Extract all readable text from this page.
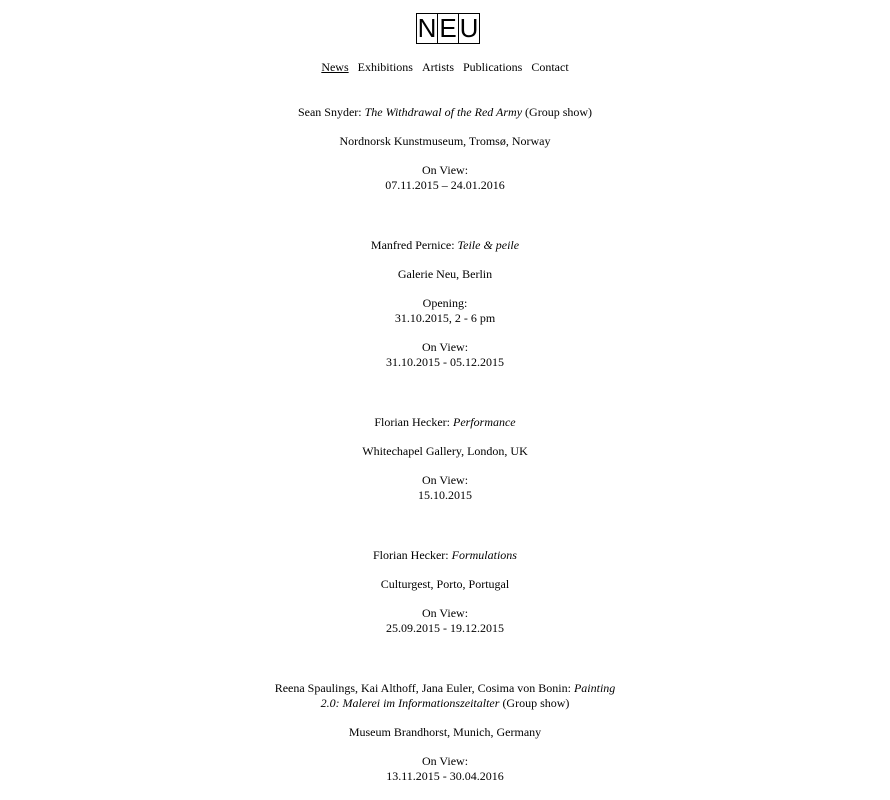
N E U
News Exhibitions Artists Publications Contact
Sean Snyder: The Withdrawal of the Red Army (Group show)
Nordnorsk Kunstmuseum, Tromsø, Norway
On View:
07.11.2015 – 24.01.2016
Manfred Pernice: Teile & peile
Galerie Neu, Berlin
Opening:
31.10.2015, 2 - 6 pm
On View:
31.10.2015 - 05.12.2015
Florian Hecker: Performance
Whitechapel Gallery, London, UK
On View:
15.10.2015
Florian Hecker: Formulations
Culturgest, Porto, Portugal
On View:
25.09.2015 - 19.12.2015
Reena Spaulings, Kai Althoff, Jana Euler, Cosima von Bonin: Painting
2.0: Malerei im Informationszeitalter (Group show)
Museum Brandhorst, Munich, Germany
On View:
13.11.2015 - 30.04.2016
